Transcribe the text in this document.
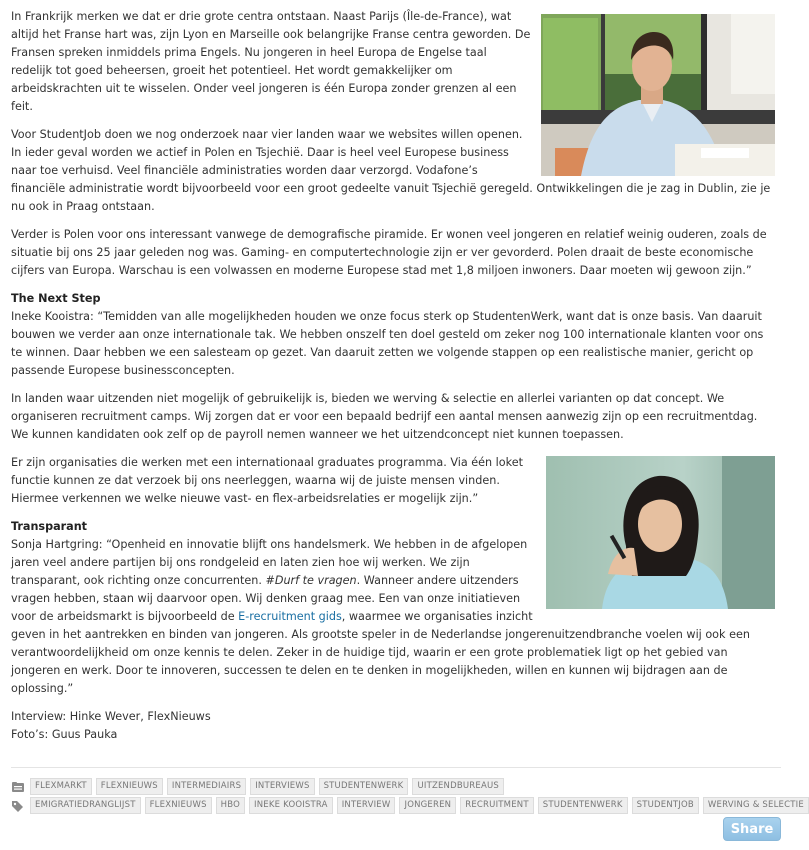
In Frankrijk merken we dat er drie grote centra ontstaan. Naast Parijs (Île-de-France), wat altijd het Franse hart was, zijn Lyon en Marseille ook belangrijke Franse centra geworden. De Fransen spreken inmiddels prima Engels. Nu jongeren in heel Europa de Engelse taal redelijk tot goed beheersen, groeit het potentieel. Het wordt gemakkelijker om arbeidskrachten uit te wisselen. Onder veel jongeren is één Europa zonder grenzen al een feit.

Voor StudentJob doen we nog onderzoek naar vier landen waar we websites willen openen. In ieder geval worden we actief in Polen en Tsjechië. Daar is heel veel Europese business naar toe verhuisd. Veel financiële administraties worden daar verzorgd. Vodafone’s financiële administratie wordt bijvoorbeeld voor een groot gedeelte vanuit Tsjechië geregeld. Ontwikkelingen die je zag in Dublin, zie je nu ook in Praag ontstaan.

Verder is Polen voor ons interessant vanwege de demografische piramide. Er wonen veel jongeren en relatief weinig ouderen, zoals de situatie bij ons 25 jaar geleden nog was. Gaming- en computertechnologie zijn er ver gevorderd. Polen draait de beste economische cijfers van Europa. Warschau is een volwassen en moderne Europese stad met 1,8 miljoen inwoners. Daar moeten wij gewoon zijn.”

The Next Step

Ineke Kooistra: “Temidden van alle mogelijkheden houden we onze focus sterk op StudentenWerk, want dat is onze basis. Van daaruit bouwen we verder aan onze internationale tak. We hebben onszelf ten doel gesteld om zeker nog 100 internationale klanten voor ons te winnen. Daar hebben we een salesteam op gezet. Van daaruit zetten we volgende stappen op een realistische manier, gericht op passende Europese businessconcepten.

In landen waar uitzenden niet mogelijk of gebruikelijk is, bieden we werving & selectie en allerlei varianten op dat concept. We organiseren recruitment camps. Wij zorgen dat er voor een bepaald bedrijf een aantal mensen aanwezig zijn op een recruitmentdag. We kunnen kandidaten ook zelf op de payroll nemen wanneer we het uitzendconcept niet kunnen toepassen.

Er zijn organisaties die werken met een internationaal graduates programma. Via één loket functie kunnen ze dat verzoek bij ons neerleggen, waarna wij de juiste mensen vinden. Hiermee verkennen we welke nieuwe vast- en flex-arbeidsrelaties er mogelijk zijn.”

Transparant

Sonja Hartgring: “Openheid en innovatie blijft ons handelsmerk. We hebben in de afgelopen jaren veel andere partijen bij ons rondgeleid en laten zien hoe wij werken. We zijn transparant, ook richting onze concurrenten. #Durf te vragen. Wanneer andere uitzenders vragen hebben, staan wij daarvoor open. Wij denken graag mee. Een van onze initiatieven voor de arbeidsmarkt is bijvoorbeeld de E-recruitment gids, waarmee we organisaties inzicht geven in het aantrekken en binden van jongeren. Als grootste speler in de Nederlandse jongerenuitzendbranche voelen wij ook een verantwoordelijkheid om onze kennis te delen. Zeker in de huidige tijd, waarin er een grote problematiek ligt op het gebied van jongeren en werk. Door te innoveren, successen te delen en te denken in mogelijkheden, willen en kunnen wij bijdragen aan de oplossing.”

Interview: Hinke Wever, FlexNieuws

Foto’s: Guus Pauka

FLEXMARKT	FLEXNIEUWS	INTERMEDIAIRS	INTERVIEWS	STUDENTENWERK	UITZENDBUREAUS
EMIGRATIEDRANGLIJST	FLEXNIEUWS	HBO	INEKE KOOISTRA	INTERVIEW	JONGEREN	RECRUITMENT	STUDENTENWERK	STUDENTJOB	WERVING & SELECTIE
Share
